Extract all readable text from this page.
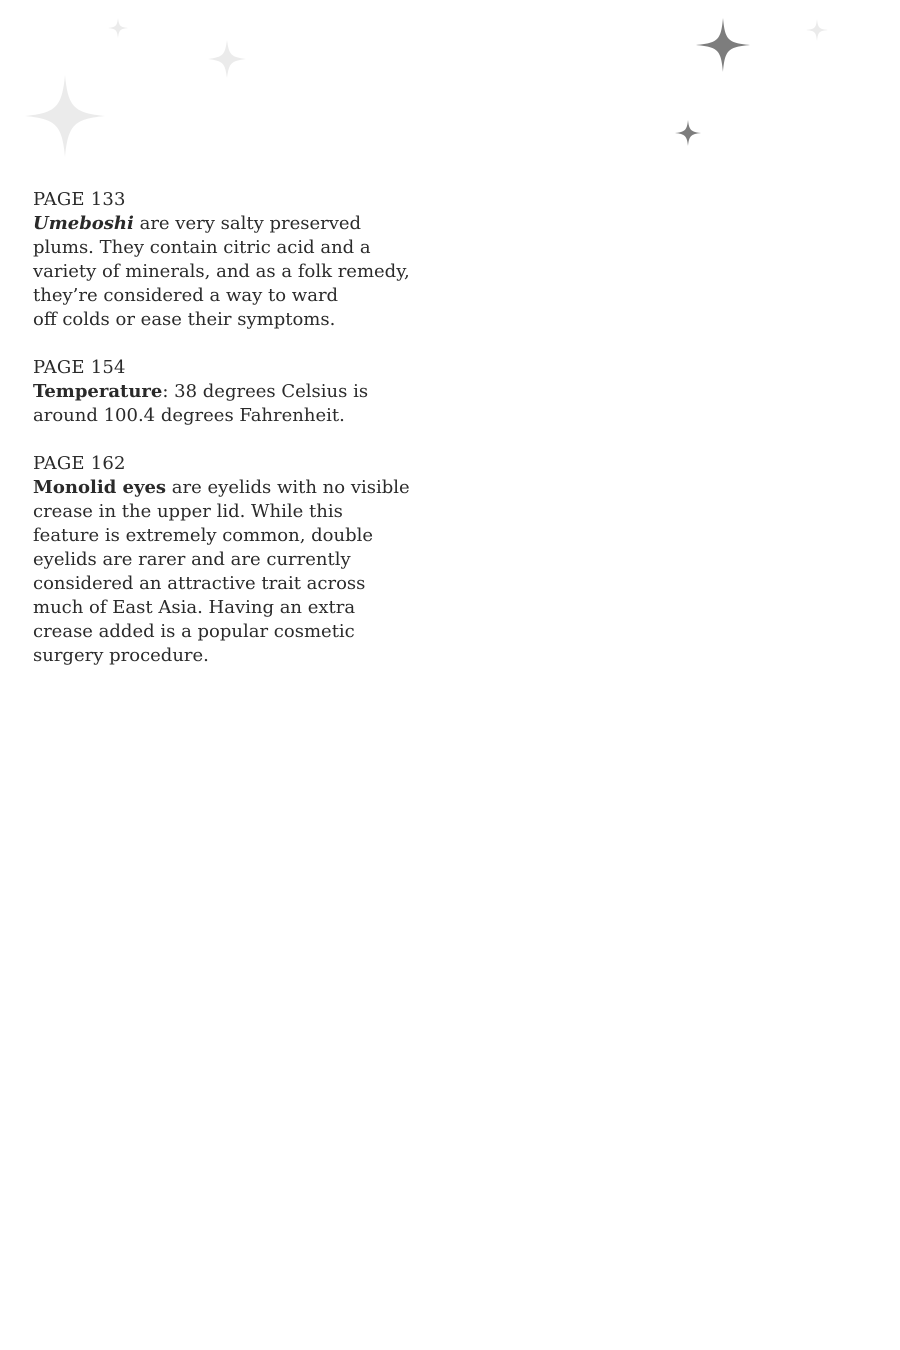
PAGE 133
Umeboshi are very salty preserved plums. They contain citric acid and a variety of minerals, and as a folk remedy, they’re considered a way to ward
off colds or ease their symptoms.
PAGE 154
Temperature: 38 degrees Celsius is around 100.4 degrees Fahrenheit.
PAGE 162
Monolid eyes are eyelids with no visible crease in the upper lid. While this feature is extremely common, double eyelids are rarer and are currently considered an attractive trait across much of East Asia. Having an extra crease added is a popular cosmetic surgery procedure.
